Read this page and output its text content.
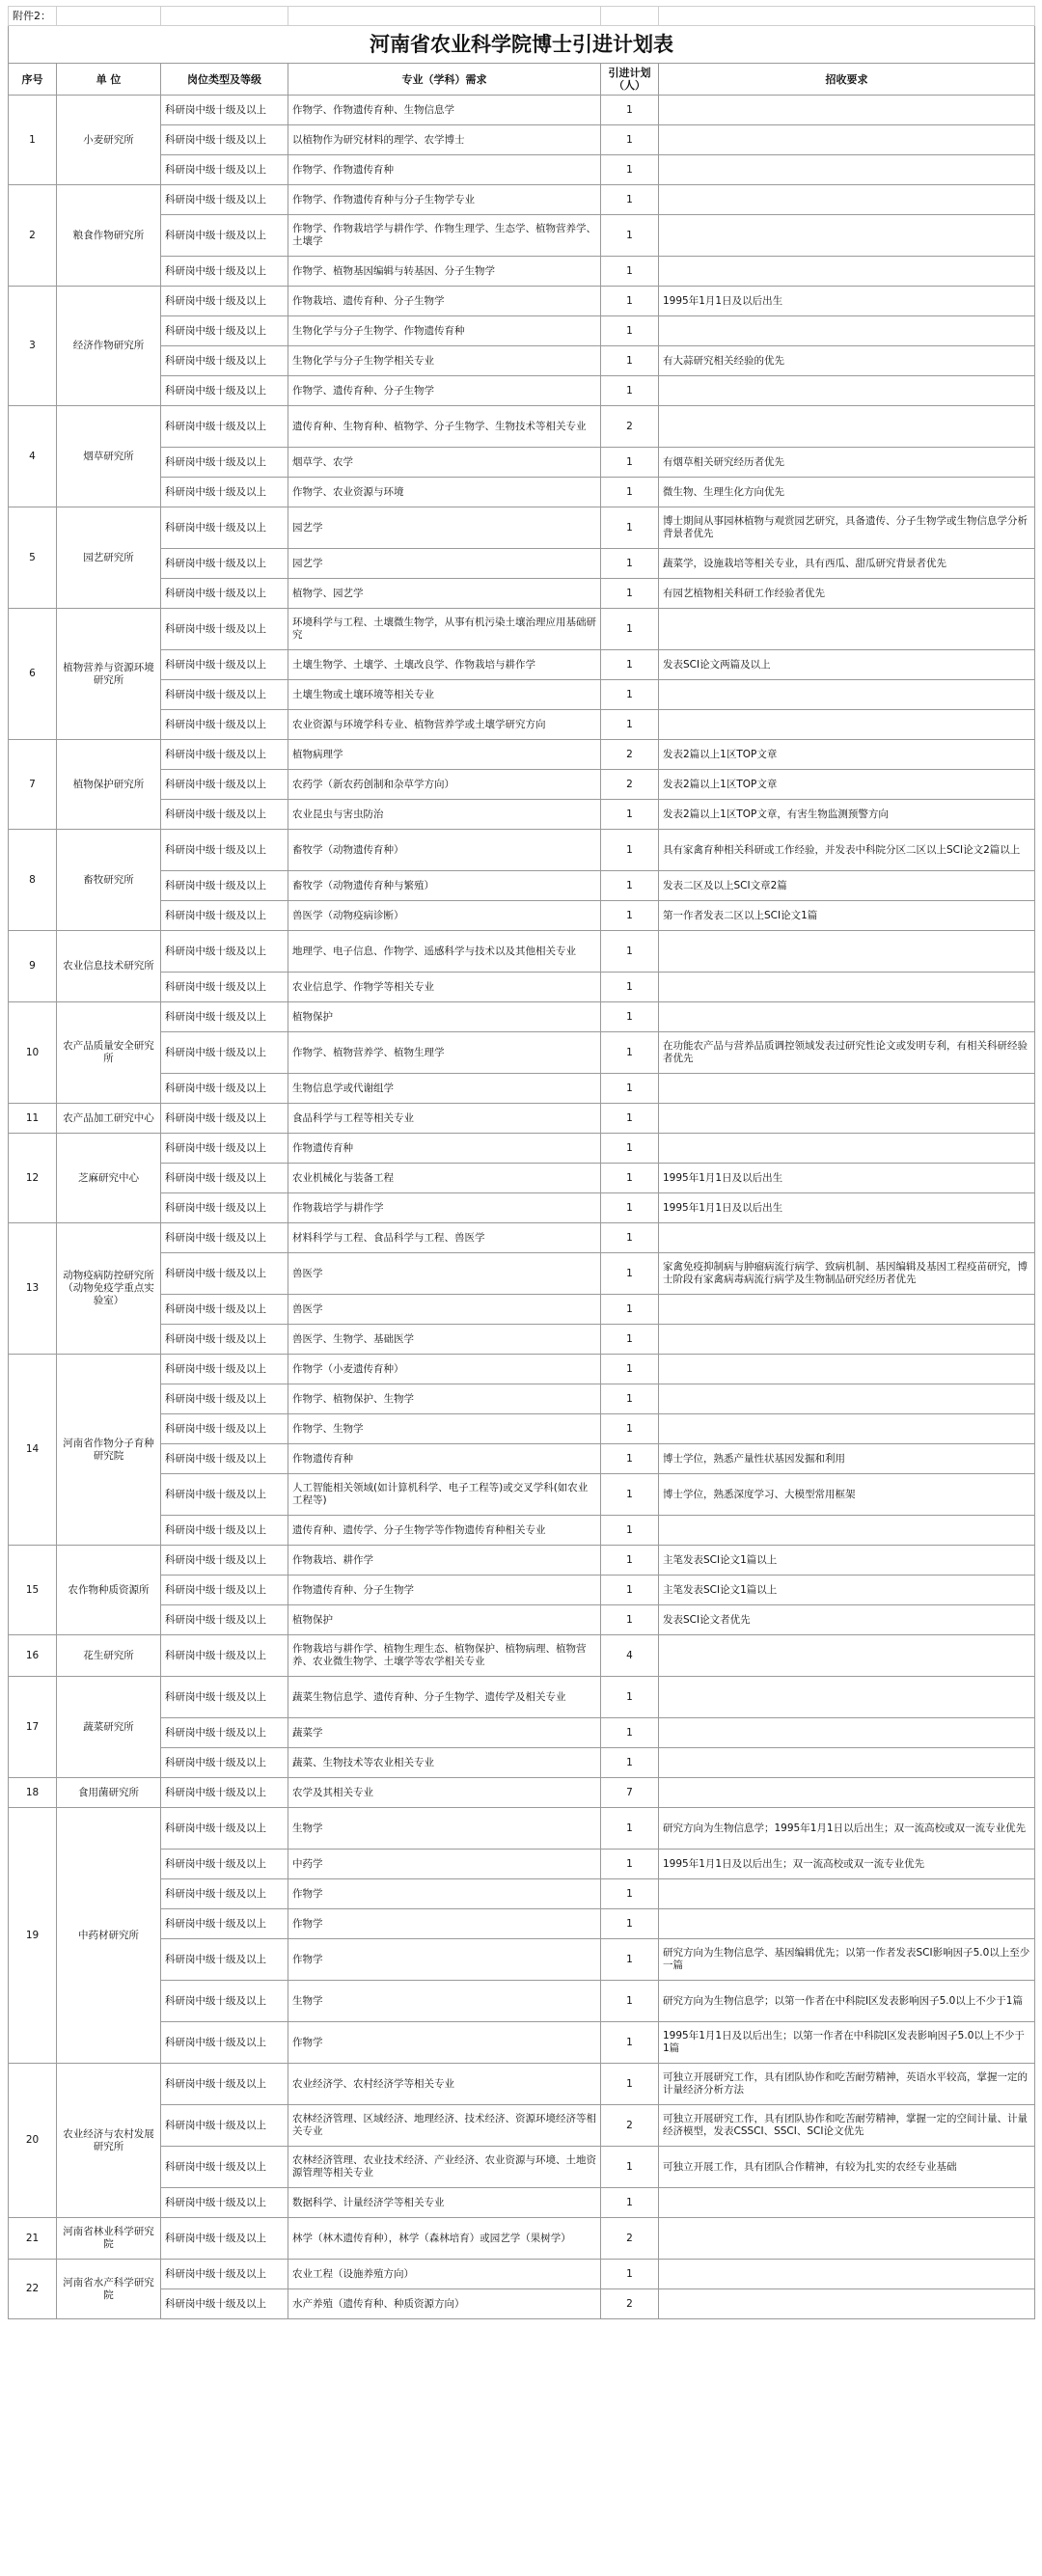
附件2：					
河南省农业科学院博士引进计划表					
序号	单 位	岗位类型及等级	专业（学科）需求	引进计划（人）	招收要求
1	小麦研究所	科研岗中级十级及以上	作物学、作物遗传育种、生物信息学	1	
		科研岗中级十级及以上	以植物作为研究材料的理学、农学博士	1	
		科研岗中级十级及以上	作物学、作物遗传育种	1	
2	粮食作物研究所	科研岗中级十级及以上	作物学、作物遗传育种与分子生物学专业	1	
		科研岗中级十级及以上	作物学、作物栽培学与耕作学、作物生理学、生态学、植物营养学、土壤学	1	
		科研岗中级十级及以上	作物学、植物基因编辑与转基因、分子生物学	1	
3	经济作物研究所	科研岗中级十级及以上	作物栽培、遗传育种、分子生物学	1	1995年1月1日及以后出生
		科研岗中级十级及以上	生物化学与分子生物学、作物遗传育种	1	
		科研岗中级十级及以上	生物化学与分子生物学相关专业	1	有大蒜研究相关经验的优先
		科研岗中级十级及以上	作物学、遗传育种、分子生物学	1	
4	烟草研究所	科研岗中级十级及以上	遗传育种、生物育种、植物学、分子生物学、生物技术等相关专业	2	
		科研岗中级十级及以上	烟草学、农学	1	有烟草相关研究经历者优先
		科研岗中级十级及以上	作物学、农业资源与环境	1	微生物、生理生化方向优先
5	园艺研究所	科研岗中级十级及以上	园艺学	1	博士期间从事园林植物与观赏园艺研究，具备遗传、分子生物学或生物信息学分析背景者优先
		科研岗中级十级及以上	园艺学	1	蔬菜学，设施栽培等相关专业，具有西瓜、甜瓜研究背景者优先
		科研岗中级十级及以上	植物学、园艺学	1	有园艺植物相关科研工作经验者优先
6	植物营养与资源环境研究所	科研岗中级十级及以上	环境科学与工程、土壤微生物学，从事有机污染土壤治理应用基础研究	1	
		科研岗中级十级及以上	土壤生物学、土壤学、土壤改良学、作物栽培与耕作学	1	发表SCI论文两篇及以上
		科研岗中级十级及以上	土壤生物或土壤环境等相关专业	1	
		科研岗中级十级及以上	农业资源与环境学科专业、植物营养学或土壤学研究方向	1	
7	植物保护研究所	科研岗中级十级及以上	植物病理学	2	发表2篇以上1区TOP文章
		科研岗中级十级及以上	农药学（新农药创制和杂草学方向）	2	发表2篇以上1区TOP文章
		科研岗中级十级及以上	农业昆虫与害虫防治	1	发表2篇以上1区TOP文章，有害生物监测预警方向
8	畜牧研究所	科研岗中级十级及以上	畜牧学（动物遗传育种）	1	具有家禽育种相关科研或工作经验，并发表中科院分区二区以上SCI论文2篇以上
		科研岗中级十级及以上	畜牧学（动物遗传育种与繁殖）	1	发表二区及以上SCI文章2篇
		科研岗中级十级及以上	兽医学（动物疫病诊断）	1	第一作者发表二区以上SCI论文1篇
9	农业信息技术研究所	科研岗中级十级及以上	地理学、电子信息、作物学、遥感科学与技术以及其他相关专业	1	
		科研岗中级十级及以上	农业信息学、作物学等相关专业	1	
10	农产品质量安全研究所	科研岗中级十级及以上	植物保护	1	
		科研岗中级十级及以上	作物学、植物营养学、植物生理学	1	在功能农产品与营养品质调控领域发表过研究性论文或发明专利，有相关科研经验者优先
		科研岗中级十级及以上	生物信息学或代谢组学	1	
11	农产品加工研究中心	科研岗中级十级及以上	食品科学与工程等相关专业	1	
12	芝麻研究中心	科研岗中级十级及以上	作物遗传育种	1	
		科研岗中级十级及以上	农业机械化与装备工程	1	1995年1月1日及以后出生
		科研岗中级十级及以上	作物栽培学与耕作学	1	1995年1月1日及以后出生
13	动物疫病防控研究所（动物免疫学重点实验室）	科研岗中级十级及以上	材料科学与工程、食品科学与工程、兽医学	1	
		科研岗中级十级及以上	兽医学	1	家禽免疫抑制病与肿瘤病流行病学、致病机制、基因编辑及基因工程疫苗研究，博士阶段有家禽病毒病流行病学及生物制品研究经历者优先
		科研岗中级十级及以上	兽医学	1	
		科研岗中级十级及以上	兽医学、生物学、基础医学	1	
14	河南省作物分子育种研究院	科研岗中级十级及以上	作物学（小麦遗传育种）	1	
		科研岗中级十级及以上	作物学、植物保护、生物学	1	
		科研岗中级十级及以上	作物学、生物学	1	
		科研岗中级十级及以上	作物遗传育种	1	博士学位，熟悉产量性状基因发掘和利用
		科研岗中级十级及以上	人工智能相关领域(如计算机科学、电子工程等)或交叉学科(如农业工程等)	1	博士学位，熟悉深度学习、大模型常用框架
		科研岗中级十级及以上	遗传育种、遗传学、分子生物学等作物遗传育种相关专业	1	
15	农作物种质资源所	科研岗中级十级及以上	作物栽培、耕作学	1	主笔发表SCI论文1篇以上
		科研岗中级十级及以上	作物遗传育种、分子生物学	1	主笔发表SCI论文1篇以上
		科研岗中级十级及以上	植物保护	1	发表SCI论文者优先
16	花生研究所	科研岗中级十级及以上	作物栽培与耕作学、植物生理生态、植物保护、植物病理、植物营养、农业微生物学、土壤学等农学相关专业	4	
17	蔬菜研究所	科研岗中级十级及以上	蔬菜生物信息学、遗传育种、分子生物学、遗传学及相关专业	1	
		科研岗中级十级及以上	蔬菜学	1	
		科研岗中级十级及以上	蔬菜、生物技术等农业相关专业	1	
18	食用菌研究所	科研岗中级十级及以上	农学及其相关专业	7	
19	中药材研究所	科研岗中级十级及以上	生物学	1	研究方向为生物信息学；1995年1月1日以后出生；双一流高校或双一流专业优先
		科研岗中级十级及以上	中药学	1	1995年1月1日及以后出生；双一流高校或双一流专业优先
		科研岗中级十级及以上	作物学	1	
		科研岗中级十级及以上	作物学	1	
		科研岗中级十级及以上	作物学	1	研究方向为生物信息学、基因编辑优先；以第一作者发表SCI影响因子5.0以上至少一篇
		科研岗中级十级及以上	生物学	1	研究方向为生物信息学；以第一作者在中科院Ⅰ区发表影响因子5.0以上不少于1篇
		科研岗中级十级及以上	作物学	1	1995年1月1日及以后出生；以第一作者在中科院Ⅰ区发表影响因子5.0以上不少于1篇
20	农业经济与农村发展研究所	科研岗中级十级及以上	农业经济学、农村经济学等相关专业	1	可独立开展研究工作，具有团队协作和吃苦耐劳精神，英语水平较高，掌握一定的计量经济分析方法
		科研岗中级十级及以上	农林经济管理、区域经济、地理经济、技术经济、资源环境经济等相关专业	2	可独立开展研究工作，具有团队协作和吃苦耐劳精神，掌握一定的空间计量、计量经济模型，发表CSSCI、SSCI、SCI论文优先
		科研岗中级十级及以上	农林经济管理、农业技术经济、产业经济、农业资源与环境、土地资源管理等相关专业	1	可独立开展工作，具有团队合作精神，有较为扎实的农经专业基础
		科研岗中级十级及以上	数据科学、计量经济学等相关专业	1	
21	河南省林业科学研究院	科研岗中级十级及以上	林学（林木遗传育种），林学（森林培育）或园艺学（果树学）	2	
22	河南省水产科学研究院	科研岗中级十级及以上	农业工程（设施养殖方向）	1	
		科研岗中级十级及以上	水产养殖（遗传育种、种质资源方向）	2	
